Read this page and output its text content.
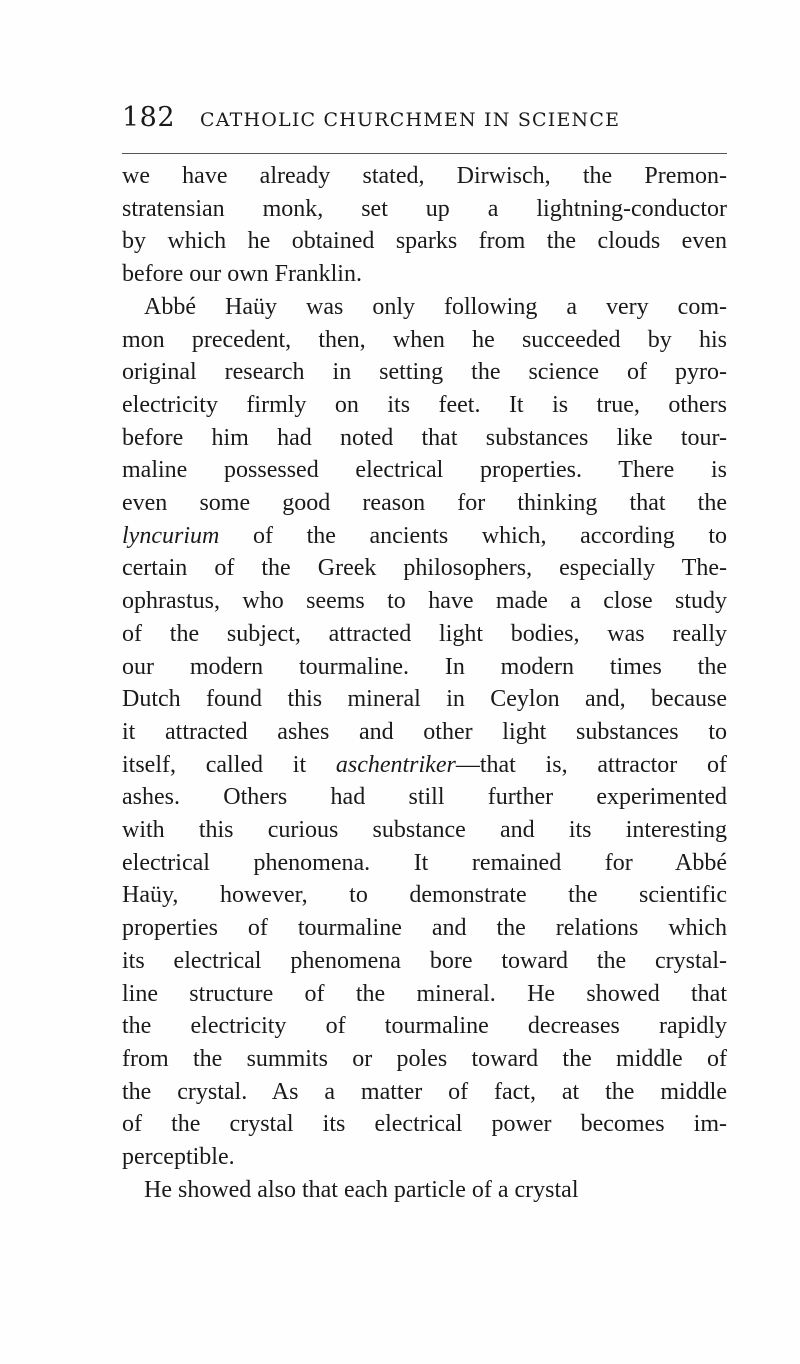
182 CATHOLIC CHURCHMEN IN SCIENCE
we have already stated, Dirwisch, the Premon-
stratensian monk, set up a lightning-conductor
by which he obtained sparks from the clouds even
before our own Franklin.
Abbé Haüy was only following a very com-
mon precedent, then, when he succeeded by his
original research in setting the science of pyro-
electricity firmly on its feet. It is true, others
before him had noted that substances like tour-
maline possessed electrical properties. There is
even some good reason for thinking that the
lyncurium of the ancients which, according to
certain of the Greek philosophers, especially The-
ophrastus, who seems to have made a close study
of the subject, attracted light bodies, was really
our modern tourmaline. In modern times the
Dutch found this mineral in Ceylon and, because
it attracted ashes and other light substances to
itself, called it aschentriker—that is, attractor of
ashes. Others had still further experimented
with this curious substance and its interesting
electrical phenomena. It remained for Abbé
Haüy, however, to demonstrate the scientific
properties of tourmaline and the relations which
its electrical phenomena bore toward the crystal-
line structure of the mineral. He showed that
the electricity of tourmaline decreases rapidly
from the summits or poles toward the middle of
the crystal. As a matter of fact, at the middle
of the crystal its electrical power becomes im-
perceptible.
He showed also that each particle of a crystal
